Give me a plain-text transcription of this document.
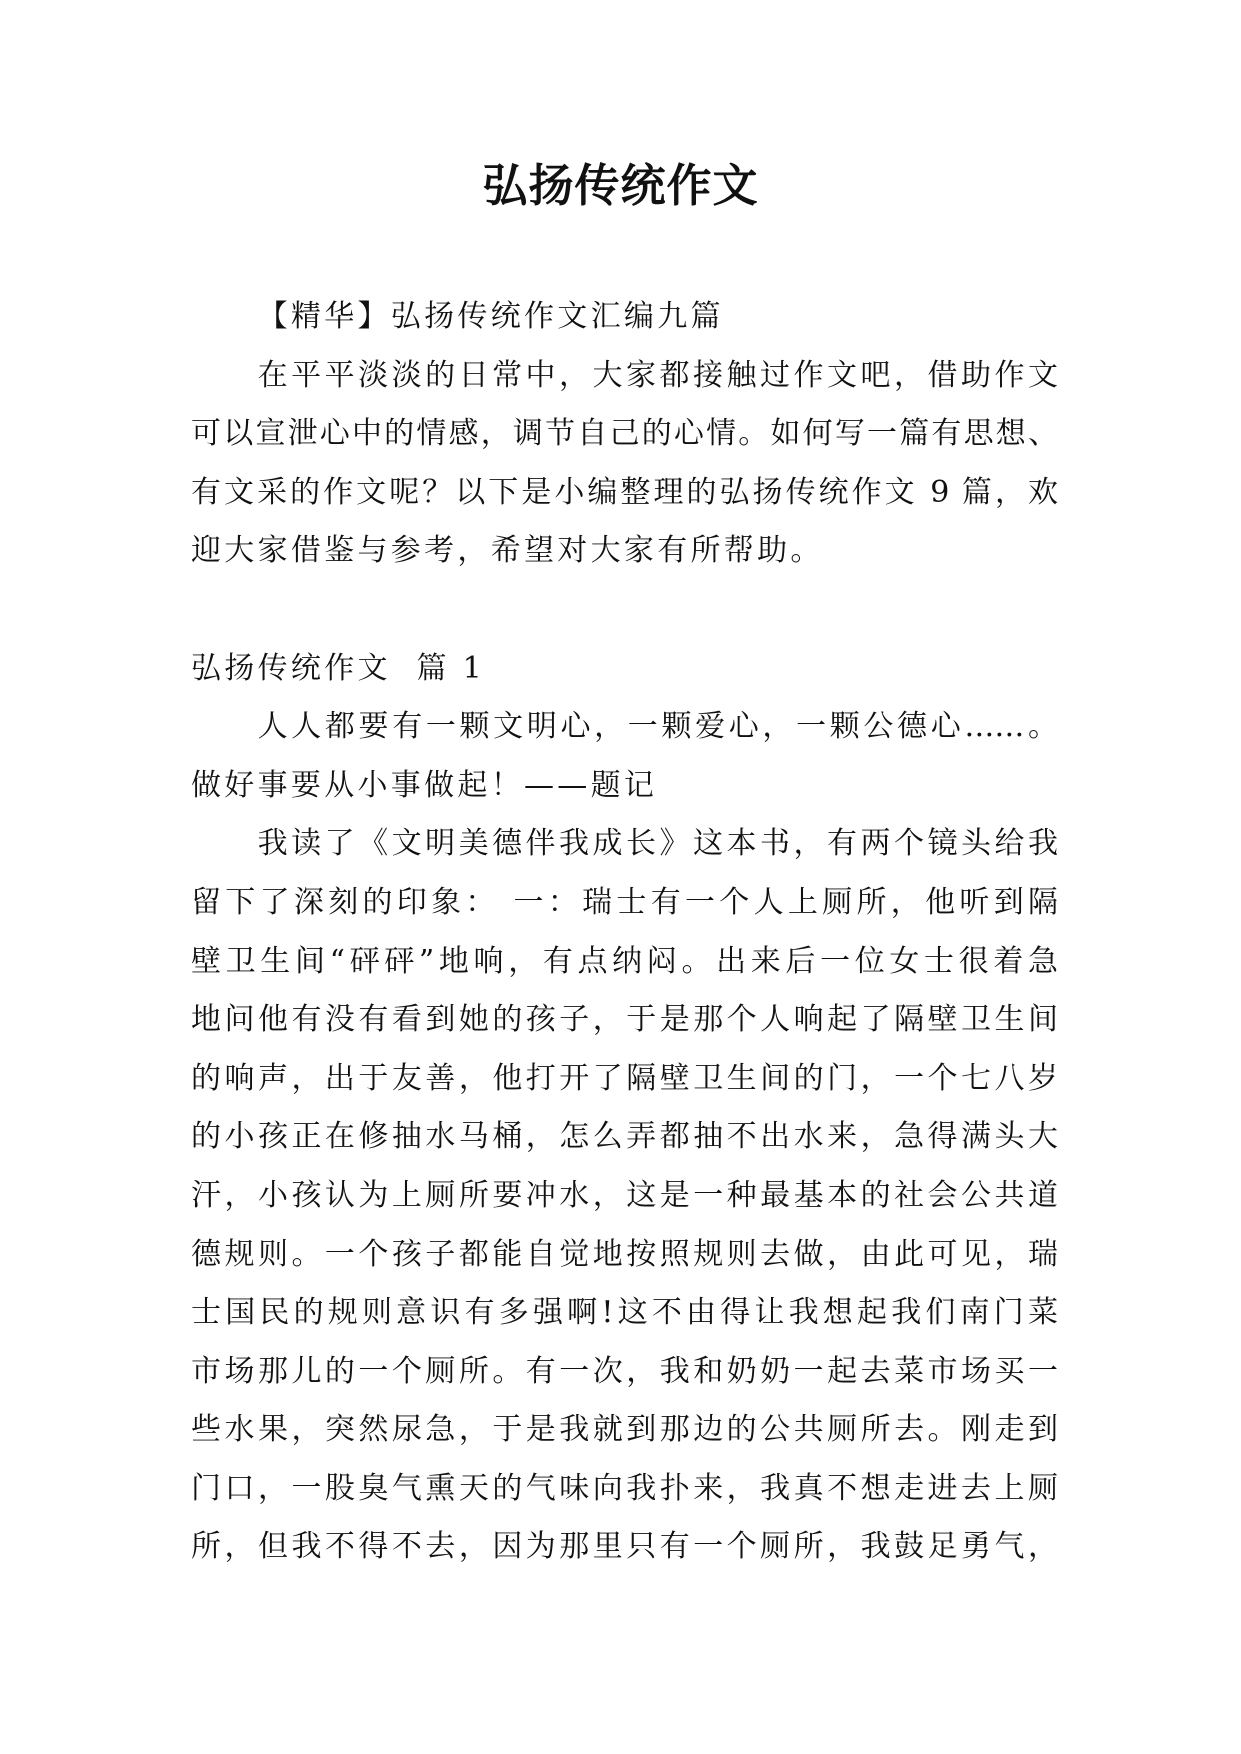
弘扬传统作文
【精华】弘扬传统作文汇编九篇
在平平淡淡的日常中，大家都接触过作文吧，借助作文
可以宣泄心中的情感，调节自己的心情。如何写一篇有思想、
有文采的作文呢？以下是小编整理的弘扬传统作文 9 篇，欢
迎大家借鉴与参考，希望对大家有所帮助。
弘扬传统作文  篇 1
人人都要有一颗文明心，一颗爱心，一颗公德心……。
做好事要从小事做起！——题记
我读了《文明美德伴我成长》这本书，有两个镜头给我
留下了深刻的印象： 一：瑞士有一个人上厕所，他听到隔
壁卫生间“砰砰”地响，有点纳闷。出来后一位女士很着急
地问他有没有看到她的孩子，于是那个人响起了隔壁卫生间
的响声，出于友善，他打开了隔壁卫生间的门，一个七八岁
的小孩正在修抽水马桶，怎么弄都抽不出水来，急得满头大
汗，小孩认为上厕所要冲水，这是一种最基本的社会公共道
德规则。一个孩子都能自觉地按照规则去做，由此可见，瑞
士国民的规则意识有多强啊!这不由得让我想起我们南门菜
市场那儿的一个厕所。有一次，我和奶奶一起去菜市场买一
些水果，突然尿急，于是我就到那边的公共厕所去。刚走到
门口，一股臭气熏天的气味向我扑来，我真不想走进去上厕
所，但我不得不去，因为那里只有一个厕所，我鼓足勇气，
